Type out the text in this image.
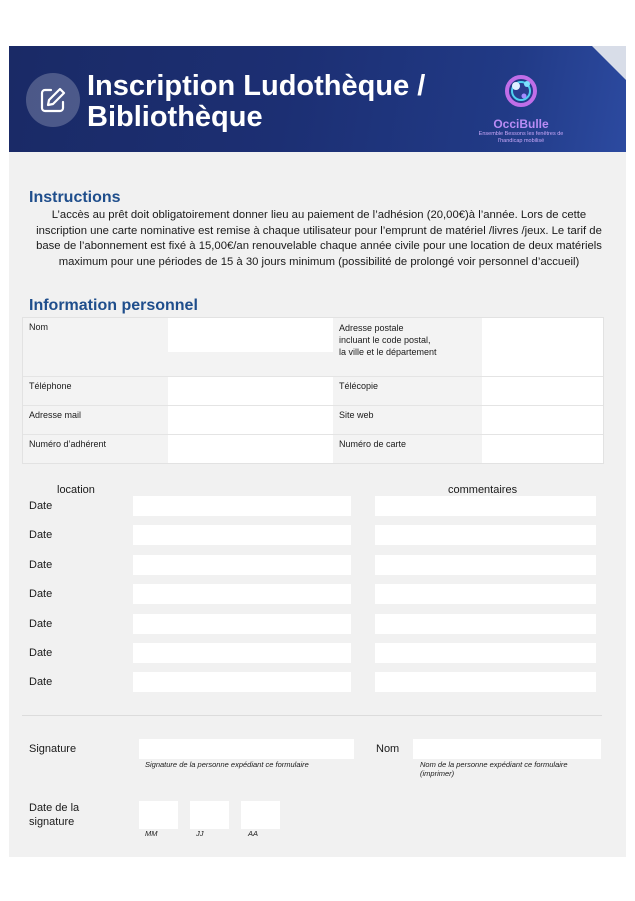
Inscription Ludothèque / Bibliothèque	OcciBulle
Ensemble Bessons les fenêtres de l'handicap mobilisé
Instructions
L’accès au prêt doit obligatoirement donner lieu au paiement de l’adhésion (20,00€)à l’année. Lors de cette inscription une carte nominative est remise à chaque utilisateur pour l’emprunt de matériel /livres /jeux. Le tarif de base de l’abonnement est fixé à 15,00€/an renouvelable chaque année civile pour une location de deux matériels maximum pour une périodes de 15 à 30 jours minimum (possibilité de prolongé voir personnel d’accueil)
Information personnel
Nom	Adresse postale
incluant le code postal,
la ville et le département
Téléphone	Télécopie
Adresse mail	Site web
Numéro d’adhérent	Numéro de carte
location	commentaires
Date
Date
Date
Date
Date
Date
Date
Signature
Signature de la personne expédiant ce formulaire
Nom
Nom de la personne expédiant ce formulaire (imprimer)
Date de la signature
MM	JJ	AA
